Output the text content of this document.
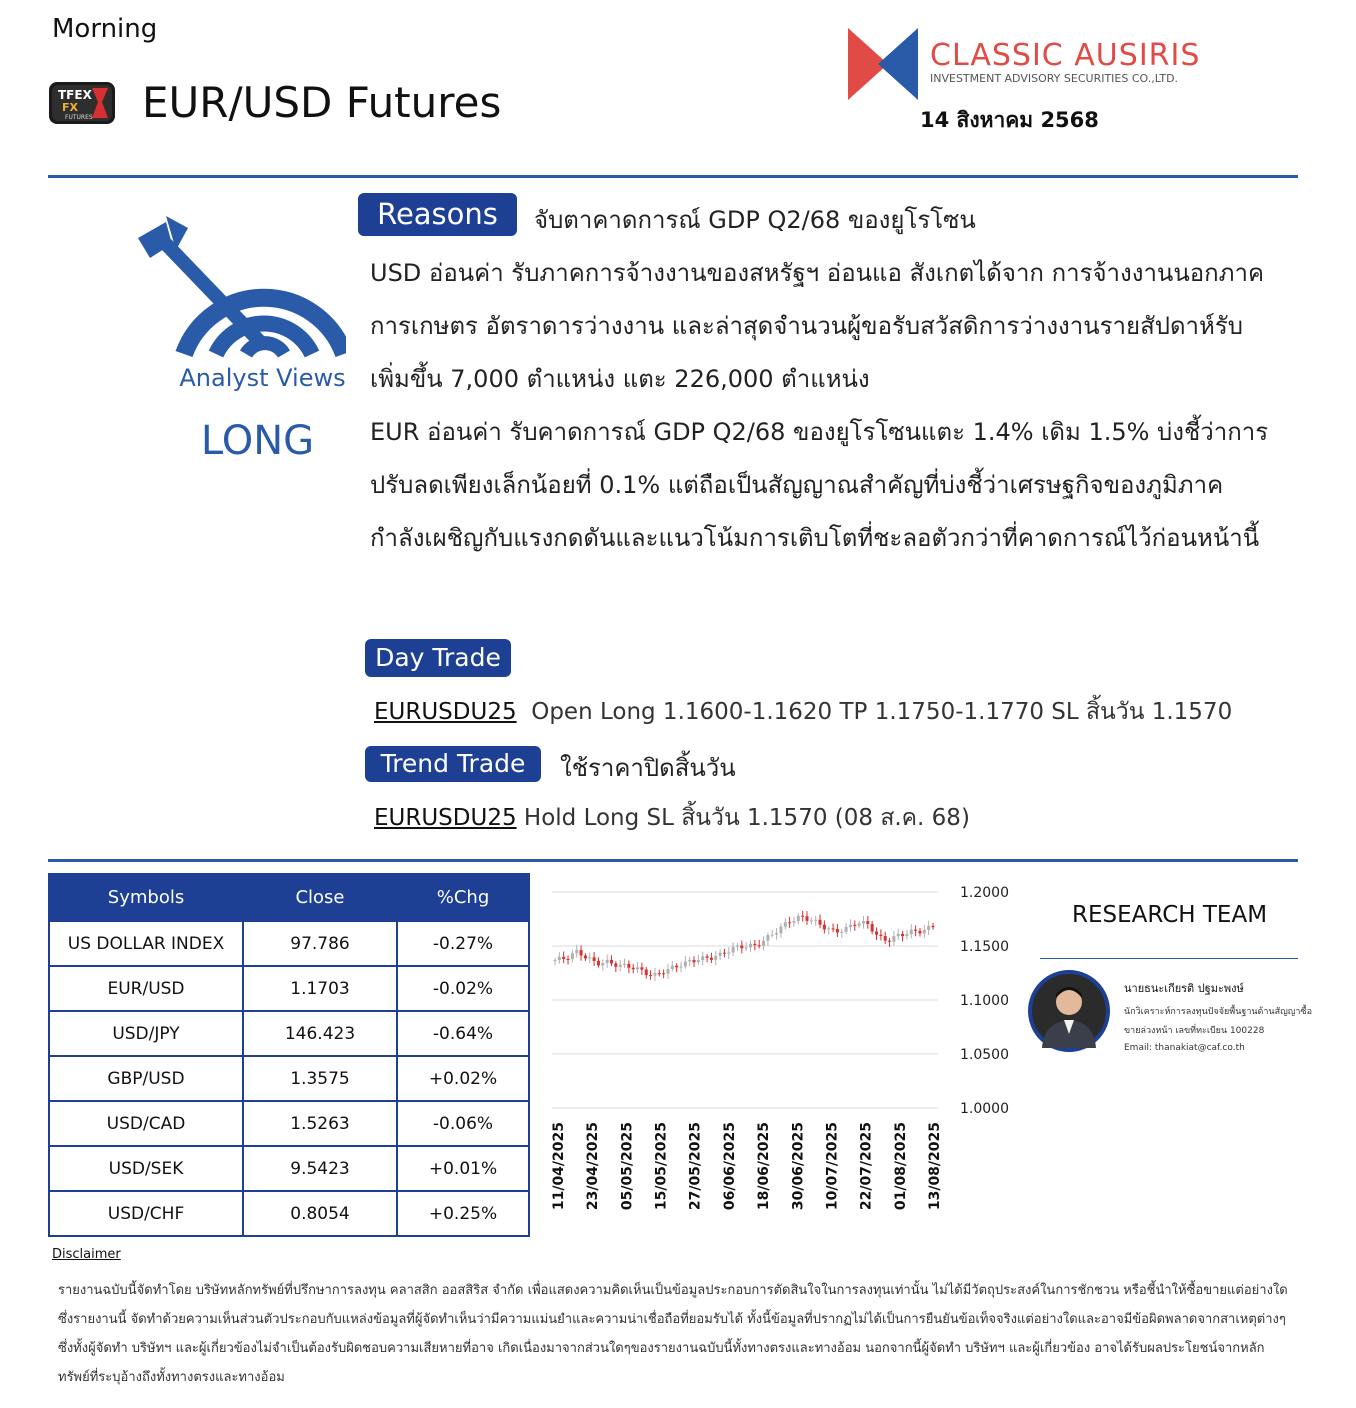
Morning
TFEX
FX
FUTURES EUR/USD Futures
CLASSIC AUSIRIS
INVESTMENT ADVISORY SECURITIES CO.,LTD.
14 สิงหาคม 2568
Analyst Views
LONG
Reasons	จับตาคาดการณ์ GDP Q2/68 ของยูโรโซน

USD อ่อนค่า รับภาคการจ้างงานของสหรัฐฯ อ่อนแอ สังเกตได้จาก การจ้างงานนอกภาคการเกษตร อัตราดารว่างงาน และล่าสุดจำนวนผู้ขอรับสวัสดิการว่างงานรายสัปดาห์รับเพิ่มขึ้น 7,000 ตำแหน่ง แตะ 226,000 ตำแหน่ง

EUR อ่อนค่า รับคาดการณ์ GDP Q2/68 ของยูโรโซนแตะ 1.4% เดิม 1.5% บ่งชี้ว่าการปรับลดเพียงเล็กน้อยที่ 0.1% แต่ถือเป็นสัญญาณสำคัญที่บ่งชี้ว่าเศรษฐกิจของภูมิภาคกำลังเผชิญกับแรงกดดันและแนวโน้มการเติบโตที่ชะลอตัวกว่าที่คาดการณ์ไว้ก่อนหน้านี้

Day Trade
EURUSDU25 Open Long 1.1600-1.1620 TP 1.1750-1.1770 SL สิ้นวัน 1.1570
Trend Trade	ใช้ราคาปิดสิ้นวัน
EURUSDU25 Hold Long SL สิ้นวัน 1.1570 (08 ส.ค. 68)
Symbols	Close	%Chg
US DOLLAR INDEX	97.786	-0.27%
EUR/USD	1.1703	-0.02%
USD/JPY	146.423	-0.64%
GBP/USD	1.3575	+0.02%
USD/CAD	1.5263	-0.06%
USD/SEK	9.5423	+0.01%
USD/CHF	0.8054	+0.25%
1.2000
1.1500
1.1000
1.0500
1.0000
11/04/2025 23/04/2025 05/05/2025 15/05/2025 27/05/2025 06/06/2025 18/06/2025 30/06/2025 10/07/2025 22/07/2025 01/08/2025 13/08/2025
RESEARCH TEAM
นายธนะเกียรติ ปฐมะพงษ์
นักวิเคราะห์การลงทุนปัจจัยพื้นฐานด้านสัญญาซื้อ
ขายล่วงหน้า เลขที่ทะเบียน 100228
Email: thanakiat@caf.co.th
Disclaimer

รายงานฉบับนี้จัดทำโดย บริษัทหลักทรัพย์ที่ปรึกษาการลงทุน คลาสสิก ออสสิริส จำกัด เพื่อแสดงความคิดเห็นเป็นข้อมูลประกอบการตัดสินใจในการลงทุนเท่านั้น ไม่ได้มีวัตถุประสงค์ในการชักชวน หรือชี้นำให้ซื้อขายแต่อย่างใด ซึ่งรายงานนี้ จัดทำด้วยความเห็นส่วนตัวประกอบกับแหล่งข้อมูลที่ผู้จัดทำเห็นว่ามีความแม่นยำและความน่าเชื่อถือที่ยอมรับได้ ทั้งนี้ข้อมูลที่ปรากฏไม่ได้เป็นการยืนยันข้อเท็จจริงแต่อย่างใดและอาจมีข้อผิดพลาดจากสาเหตุต่างๆ ซึ่งทั้งผู้จัดทำ บริษัทฯ และผู้เกี่ยวข้องไม่จำเป็นต้องรับผิดชอบความเสียหายที่อาจ เกิดเนื่องมาจากส่วนใดๆของรายงานฉบับนี้ทั้งทางตรงและทางอ้อม นอกจากนี้ผู้จัดทำ บริษัทฯ และผู้เกี่ยวข้อง อาจได้รับผลประโยชน์จากหลักทรัพย์ที่ระบุอ้างถึงทั้งทางตรงและทางอ้อม
